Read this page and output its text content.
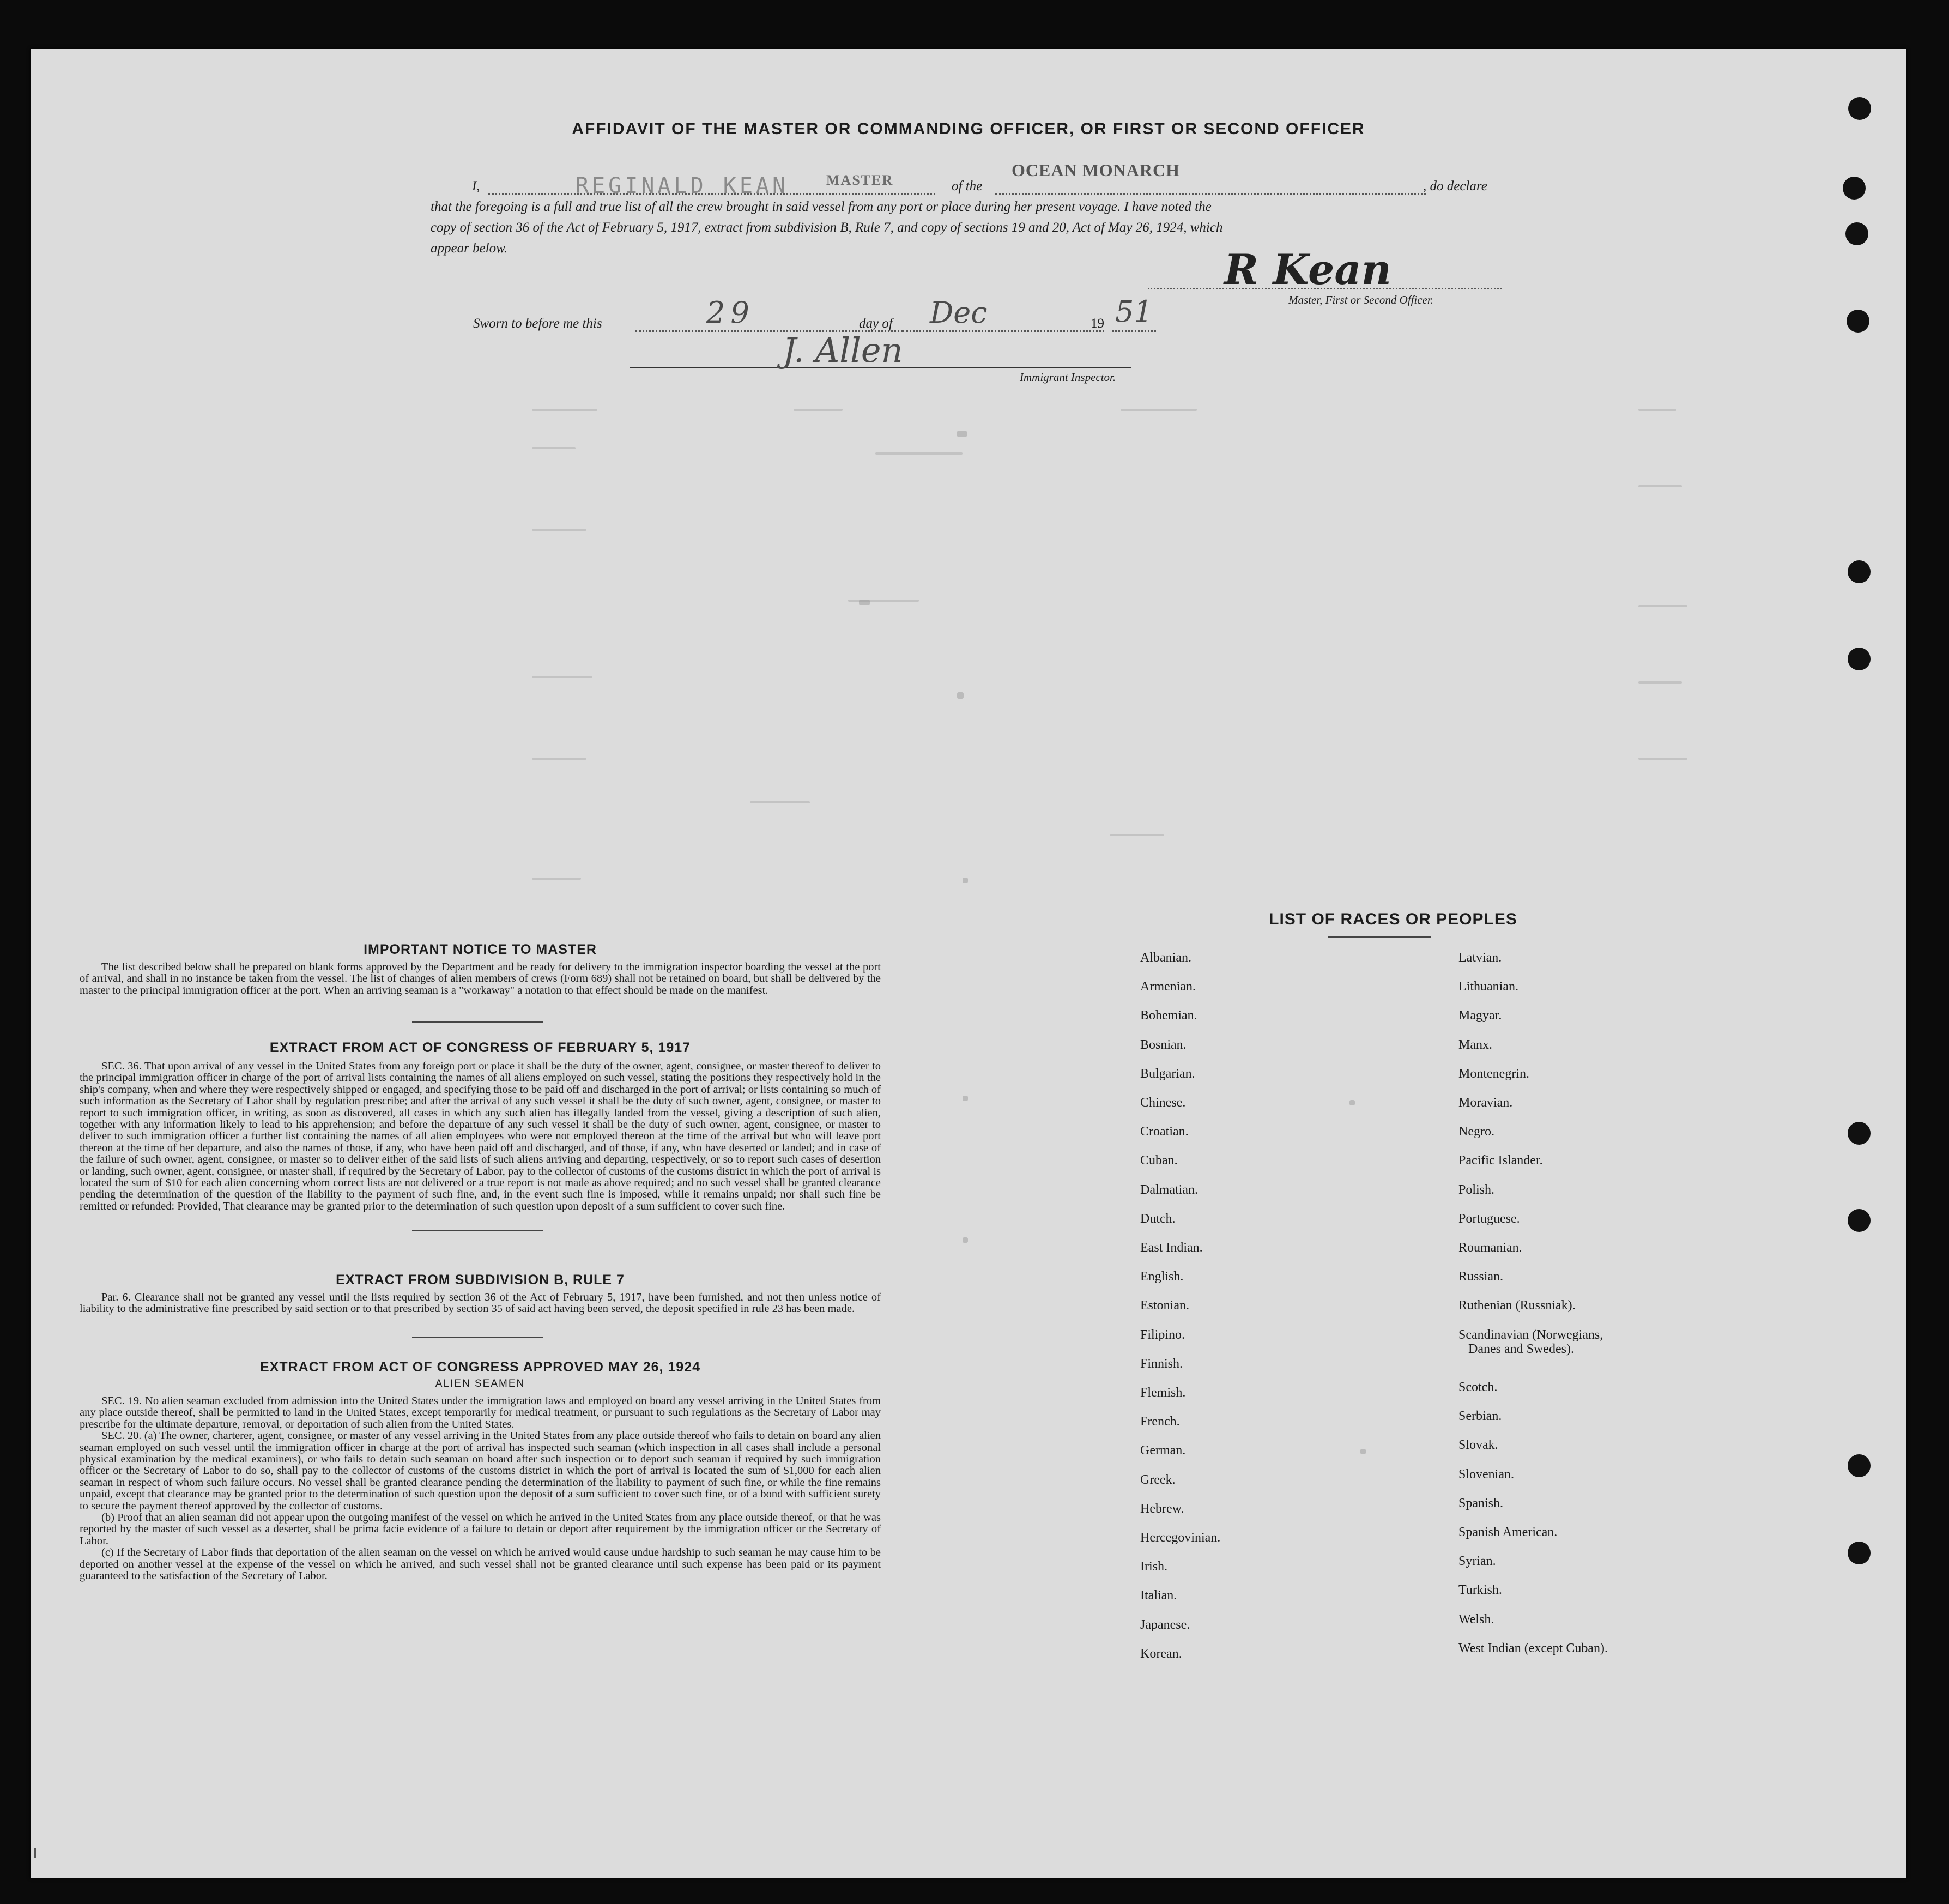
AFFIDAVIT OF THE MASTER OR COMMANDING OFFICER, OR FIRST OR SECOND OFFICER
I,	REGINALD KEAN	MASTER	of the
OCEAN MONARCH
, do declare
that the foregoing is a full and true list of all the crew brought in said vessel from any port or place during her present voyage. I have noted the
copy of section 36 of the Act of February 5, 1917, extract from subdivision B, Rule 7, and copy of sections 19 and 20, Act of May 26, 1924, which
appear below.	R Kean
Master, First or Second Officer.
Sworn to before me this	29	day of Dec	19 51
J. Allen
Immigrant Inspector.
IMPORTANT NOTICE TO MASTER

The list described below shall be prepared on blank forms approved by the Department and be ready for delivery to the immigration inspector boarding the vessel at the port of arrival, and shall in no instance be taken from the vessel. The list of changes of alien members of crews (Form 689) shall not be retained on board, but shall be delivered by the master to the principal immigration officer at the port. When an arriving seaman is a "workaway" a notation to that effect should be made on the manifest.

EXTRACT FROM ACT OF CONGRESS OF FEBRUARY 5, 1917

SEC. 36. That upon arrival of any vessel in the United States from any foreign port or place it shall be the duty of the owner, agent, consignee, or master thereof to deliver to the principal immigration officer in charge of the port of arrival lists containing the names of all aliens employed on such vessel, stating the positions they respectively hold in the ship's company, when and where they were respectively shipped or engaged, and specifying those to be paid off and discharged in the port of arrival; or lists containing so much of such information as the Secretary of Labor shall by regulation prescribe; and after the arrival of any such vessel it shall be the duty of such owner, agent, consignee, or master to report to such immigration officer, in writing, as soon as discovered, all cases in which any such alien has illegally landed from the vessel, giving a description of such alien, together with any information likely to lead to his apprehension; and before the departure of any such vessel it shall be the duty of such owner, agent, consignee, or master to deliver to such immigration officer a further list containing the names of all alien employees who were not employed thereon at the time of the arrival but who will leave port thereon at the time of her departure, and also the names of those, if any, who have been paid off and discharged, and of those, if any, who have deserted or landed; and in case of the failure of such owner, agent, consignee, or master so to deliver either of the said lists of such aliens arriving and departing, respectively, or so to report such cases of desertion or landing, such owner, agent, consignee, or master shall, if required by the Secretary of Labor, pay to the collector of customs of the customs district in which the port of arrival is located the sum of $10 for each alien concerning whom correct lists are not delivered or a true report is not made as above required; and no such vessel shall be granted clearance pending the determination of the question of the liability to the payment of such fine, and, in the event such fine is imposed, while it remains unpaid; nor shall such fine be remitted or refunded: Provided, That clearance may be granted prior to the determination of such question upon deposit of a sum sufficient to cover such fine.

EXTRACT FROM SUBDIVISION B, RULE 7

Par. 6. Clearance shall not be granted any vessel until the lists required by section 36 of the Act of February 5, 1917, have been furnished, and not then unless notice of liability to the administrative fine prescribed by said section or to that prescribed by section 35 of said act having been served, the deposit specified in rule 23 has been made.

EXTRACT FROM ACT OF CONGRESS APPROVED MAY 26, 1924
ALIEN SEAMEN

SEC. 19. No alien seaman excluded from admission into the United States under the immigration laws and employed on board any vessel arriving in the United States from any place outside thereof, shall be permitted to land in the United States, except temporarily for medical treatment, or pursuant to such regulations as the Secretary of Labor may prescribe for the ultimate departure, removal, or deportation of such alien from the United States.

SEC. 20. (a) The owner, charterer, agent, consignee, or master of any vessel arriving in the United States from any place outside thereof who fails to detain on board any alien seaman employed on such vessel until the immigration officer in charge at the port of arrival has inspected such seaman (which inspection in all cases shall include a personal physical examination by the medical examiners), or who fails to detain such seaman on board after such inspection or to deport such seaman if required by such immigration officer or the Secretary of Labor to do so, shall pay to the collector of customs of the customs district in which the port of arrival is located the sum of $1,000 for each alien seaman in respect of whom such failure occurs. No vessel shall be granted clearance pending the determination of the liability to payment of such fine, or while the fine remains unpaid, except that clearance may be granted prior to the determination of such question upon the deposit of a sum sufficient to cover such fine, or of a bond with sufficient surety to secure the payment thereof approved by the collector of customs.

(b) Proof that an alien seaman did not appear upon the outgoing manifest of the vessel on which he arrived in the United States from any place outside thereof, or that he was reported by the master of such vessel as a deserter, shall be prima facie evidence of a failure to detain or deport after requirement by the immigration officer or the Secretary of Labor.

(c) If the Secretary of Labor finds that deportation of the alien seaman on the vessel on which he arrived would cause undue hardship to such seaman he may cause him to be deported on another vessel at the expense of the vessel on which he arrived, and such vessel shall not be granted clearance until such expense has been paid or its payment guaranteed to the satisfaction of the Secretary of Labor.

LIST OF RACES OR PEOPLES
Albanian.
Armenian.
Bohemian.
Bosnian.
Bulgarian.
Chinese.
Croatian.
Cuban.
Dalmatian.
Dutch.
East Indian.
English.
Estonian.
Filipino.
Finnish.
Flemish.
French.
German.
Greek.
Hebrew.
Hercegovinian.
Irish.
Italian.
Japanese.
Korean.
Latvian.
Lithuanian.
Magyar.
Manx.
Montenegrin.
Moravian.
Negro.
Pacific Islander.
Polish.
Portuguese.
Roumanian.
Russian.
Ruthenian (Russniak).
Scandinavian (Norwegians,
Danes and Swedes).
Scotch.
Serbian.
Slovak.
Slovenian.
Spanish.
Spanish American.
Syrian.
Turkish.
Welsh.
West Indian (except Cuban).
